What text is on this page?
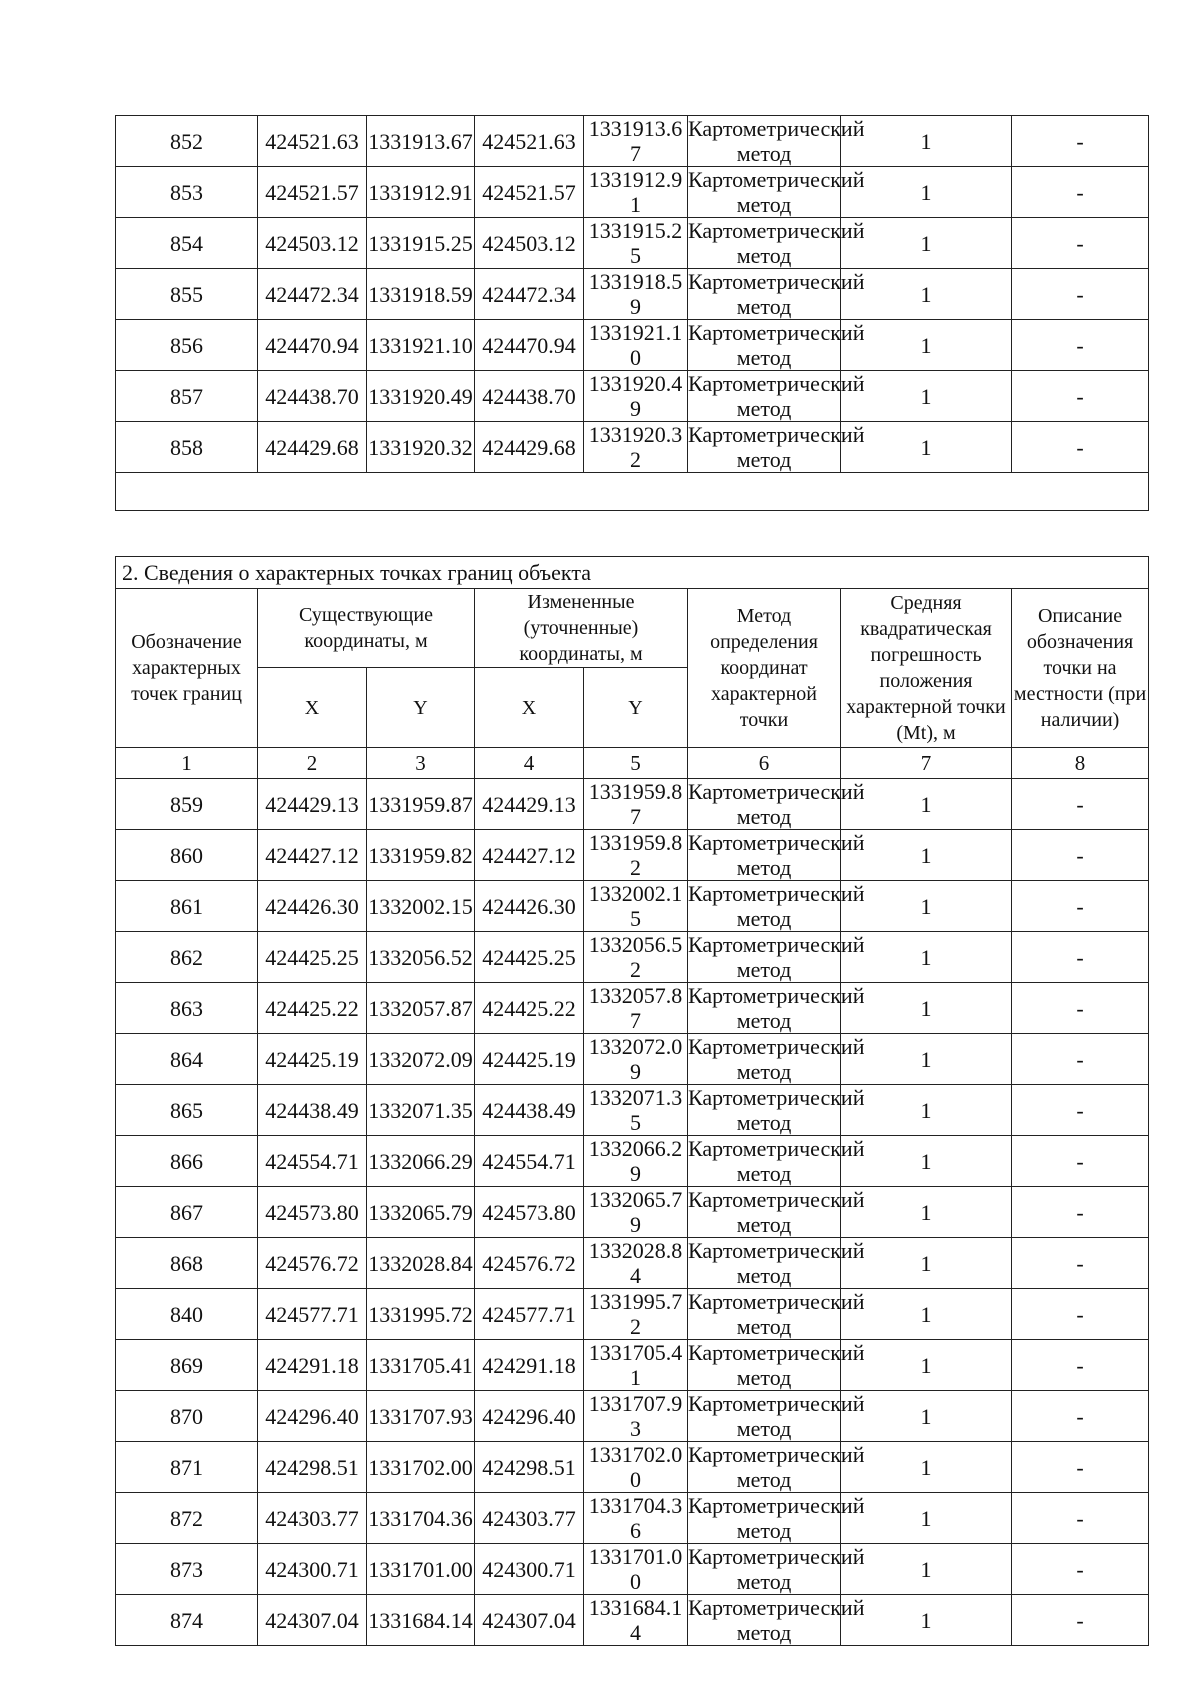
852	424521.63	1331913.67	424521.63	1331913.67	Картометрический метод	1	-
853	424521.57	1331912.91	424521.57	1331912.91	Картометрический метод	1	-
854	424503.12	1331915.25	424503.12	1331915.25	Картометрический метод	1	-
855	424472.34	1331918.59	424472.34	1331918.59	Картометрический метод	1	-
856	424470.94	1331921.10	424470.94	1331921.10	Картометрический метод	1	-
857	424438.70	1331920.49	424438.70	1331920.49	Картометрический метод	1	-
858	424429.68	1331920.32	424429.68	1331920.32	Картометрический метод	1	-

2. Сведения о характерных точках границ объекта							
Обозначение характерных точек границ	Существующие координаты, м		Измененные (уточненные) координаты, м		Метод определения координат характерной точки	Средняя квадратическая погрешность положения характерной точки (Mt), м	Описание обозначения точки на местности (при наличии)
	X	Y	X	Y			
1	2	3	4	5	6	7	8
859	424429.13	1331959.87	424429.13	1331959.87	Картометрический метод	1	-
860	424427.12	1331959.82	424427.12	1331959.82	Картометрический метод	1	-
861	424426.30	1332002.15	424426.30	1332002.15	Картометрический метод	1	-
862	424425.25	1332056.52	424425.25	1332056.52	Картометрический метод	1	-
863	424425.22	1332057.87	424425.22	1332057.87	Картометрический метод	1	-
864	424425.19	1332072.09	424425.19	1332072.09	Картометрический метод	1	-
865	424438.49	1332071.35	424438.49	1332071.35	Картометрический метод	1	-
866	424554.71	1332066.29	424554.71	1332066.29	Картометрический метод	1	-
867	424573.80	1332065.79	424573.80	1332065.79	Картометрический метод	1	-
868	424576.72	1332028.84	424576.72	1332028.84	Картометрический метод	1	-
840	424577.71	1331995.72	424577.71	1331995.72	Картометрический метод	1	-
869	424291.18	1331705.41	424291.18	1331705.41	Картометрический метод	1	-
870	424296.40	1331707.93	424296.40	1331707.93	Картометрический метод	1	-
871	424298.51	1331702.00	424298.51	1331702.00	Картометрический метод	1	-
872	424303.77	1331704.36	424303.77	1331704.36	Картометрический метод	1	-
873	424300.71	1331701.00	424300.71	1331701.00	Картометрический метод	1	-
874	424307.04	1331684.14	424307.04	1331684.14	Картометрический метод	1	-
